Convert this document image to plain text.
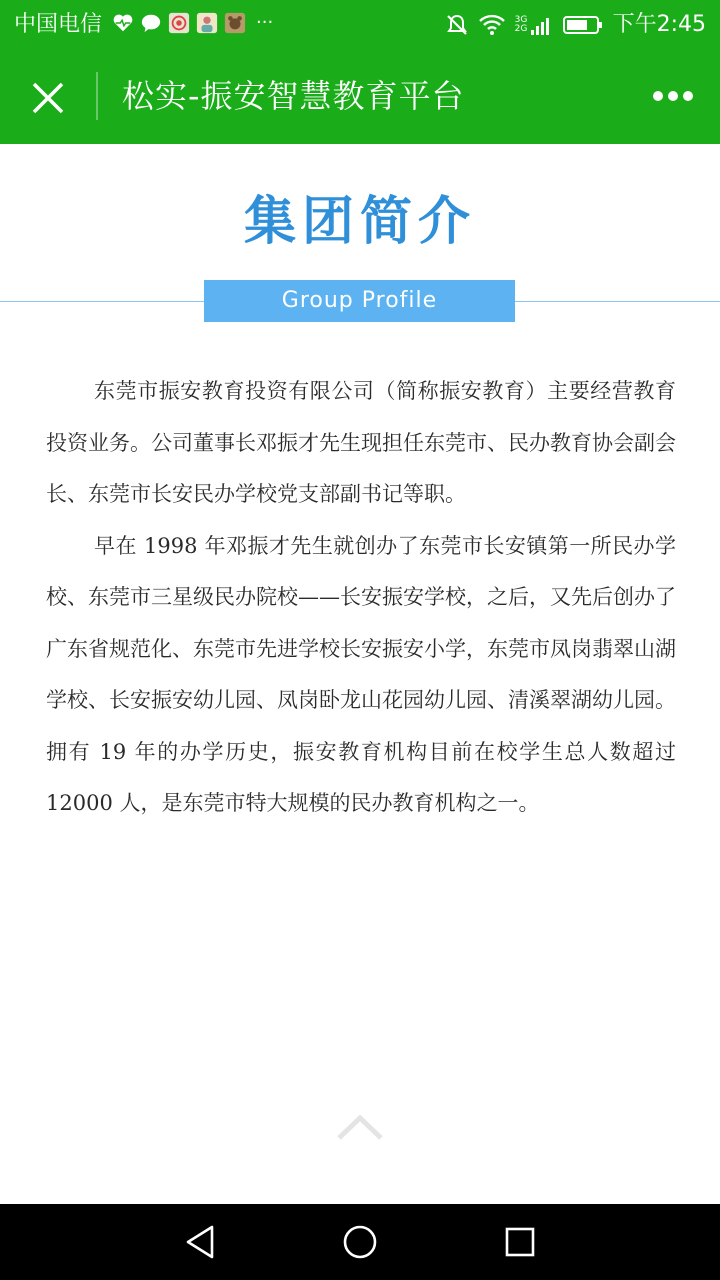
中国电信	···	3G 2G	下午2:45
松实-振安智慧教育平台
集团简介
Group Profile

东莞市振安教育投资有限公司（简称振安教育）主要经营教育投资业务。公司董事长邓振才先生现担任东莞市、民办教育协会副会长、东莞市长安民办学校党支部副书记等职。

早在 1998 年邓振才先生就创办了东莞市长安镇第一所民办学校、东莞市三星级民办院校——长安振安学校，之后，又先后创办了广东省规范化、东莞市先进学校长安振安小学，东莞市凤岗翡翠山湖学校、长安振安幼儿园、凤岗卧龙山花园幼儿园、清溪翠湖幼儿园。拥有 19 年的办学历史，振安教育机构目前在校学生总人数超过 12000 人，是东莞市特大规模的民办教育机构之一。
